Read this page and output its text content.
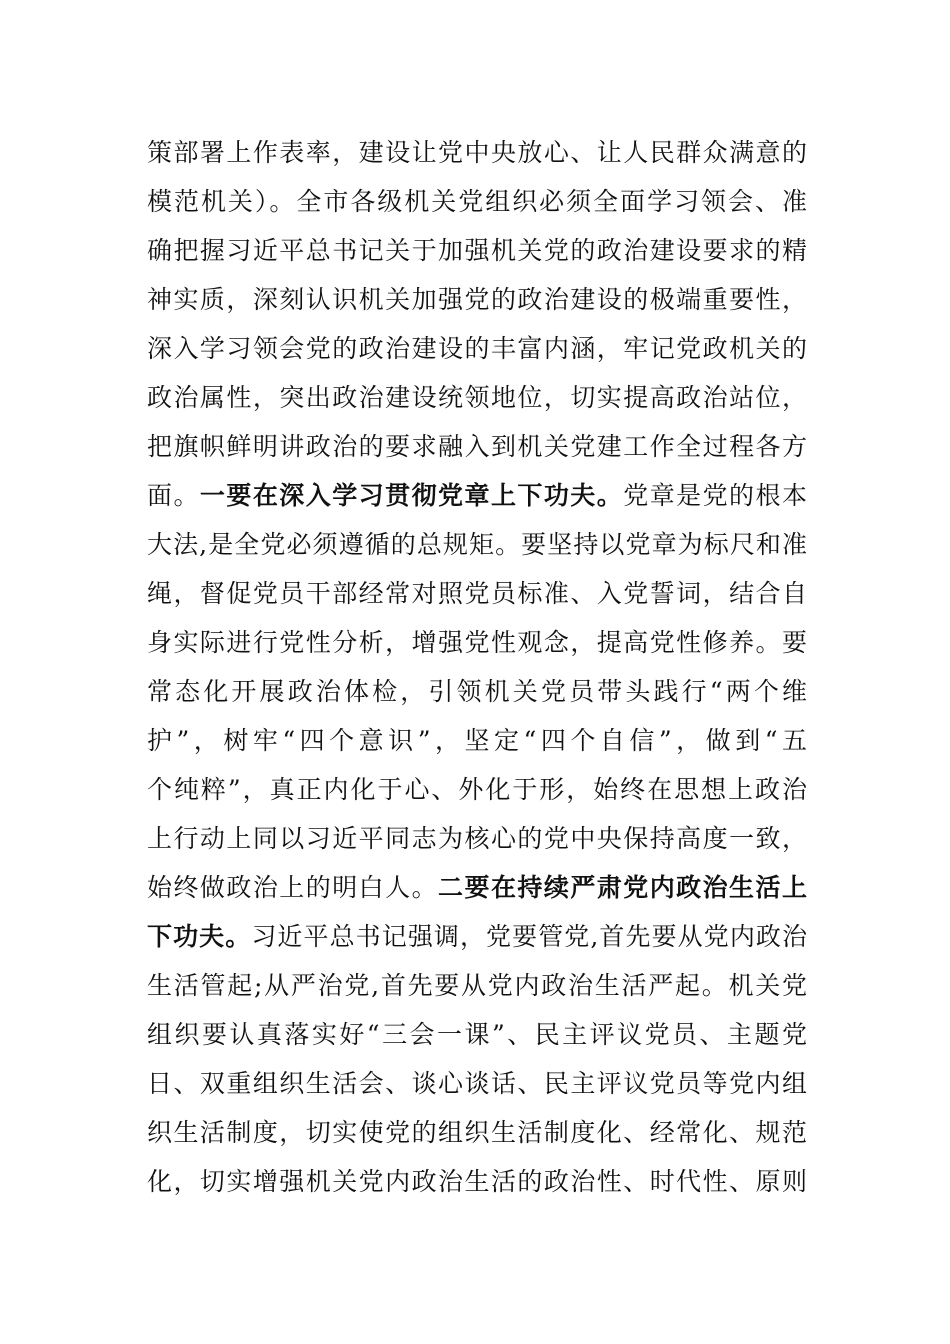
策部署上作表率，建设让党中央放心、让人民群众满意的
模范机关）。全市各级机关党组织必须全面学习领会、准
确把握习近平总书记关于加强机关党的政治建设要求的精
神实质，深刻认识机关加强党的政治建设的极端重要性，
深入学习领会党的政治建设的丰富内涵，牢记党政机关的
政治属性，突出政治建设统领地位，切实提高政治站位，
把旗帜鲜明讲政治的要求融入到机关党建工作全过程各方
面。一要在深入学习贯彻党章上下功夫。党章是党的根本
大法,是全党必须遵循的总规矩。要坚持以党章为标尺和准
绳，督促党员干部经常对照党员标准、入党誓词，结合自
身实际进行党性分析，增强党性观念，提高党性修养。要
常态化开展政治体检，引领机关党员带头践行“两个维
护”，树牢“四个意识”，坚定“四个自信”，做到“五
个纯粹”，真正内化于心、外化于形，始终在思想上政治
上行动上同以习近平同志为核心的党中央保持高度一致，
始终做政治上的明白人。二要在持续严肃党内政治生活上
下功夫。习近平总书记强调，党要管党,首先要从党内政治
生活管起;从严治党,首先要从党内政治生活严起。机关党
组织要认真落实好“三会一课”、民主评议党员、主题党
日、双重组织生活会、谈心谈话、民主评议党员等党内组
织生活制度，切实使党的组织生活制度化、经常化、规范
化，切实增强机关党内政治生活的政治性、时代性、原则
